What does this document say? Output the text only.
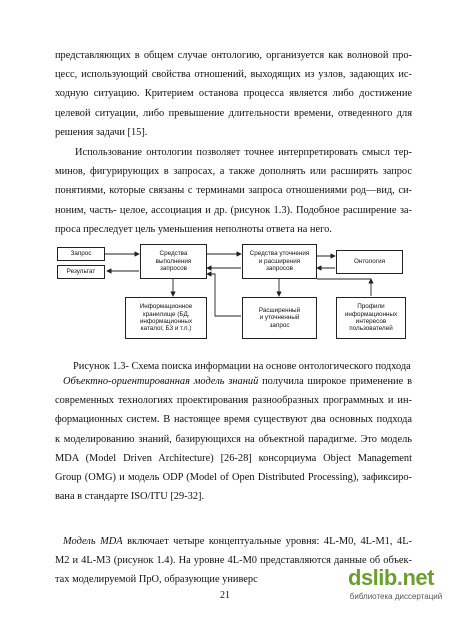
представляющих в общем случае онтологию, организуется как волновой про-
цесс, использующий свойства отношений, выходящих из узлов, задающих ис-
ходную ситуацию. Критерием останова процесса является либо достижение
целевой ситуации, либо превышение длительности времени, отведенного для
решения задачи [15].
Использование онтологии позволяет точнее интерпретировать смысл тер-
минов, фигурирующих в запросах, а также дополнять или расширять запрос
понятиями, которые связаны с терминами запроса отношениями род—вид, си-
ноним, часть- целое, ассоциация и др. (рисунок 1.3). Подобное расширение за-
проса преследует цель уменьшения неполноты ответа на него.
Запрос
Результат
Средства
выполнения
запросов
Средства уточнения
и расширения
запросов
Онтология
Информационное
хранилище (БД,
информационных
каталог, Б3 и т.п.)
Расширенный
и уточненный
запрос
Профили
информационных
интересов
пользователей

Рисунок 1.3- Схема поиска информации на основе онтологического подхода

Объектно-ориентированная модель знаний получила широкое применение в
современных технологиях проектирования разнообразных программных и ин-
формационных систем. В настоящее время существуют два основных подхода
к моделированию знаний, базирующихся на объектной парадигме. Это модель
MDA (Model Driven Architecture) [26-28] консорциума Object Management
Group (OMG) и модель ODP (Model of Open Distributed Processing), зафиксиро-
вана в стандарте ISO/ITU [29-32].
Модель MDA включает четыре концептуальные уровня: 4L-M0, 4L-M1, 4L-
M2 и 4L-M3 (рисунок 1.4). На уровне 4L-M0 представляются данные об объек-
тах моделируемой ПрО, образующие универс
21
dslib.net
библиотека диссертаций
